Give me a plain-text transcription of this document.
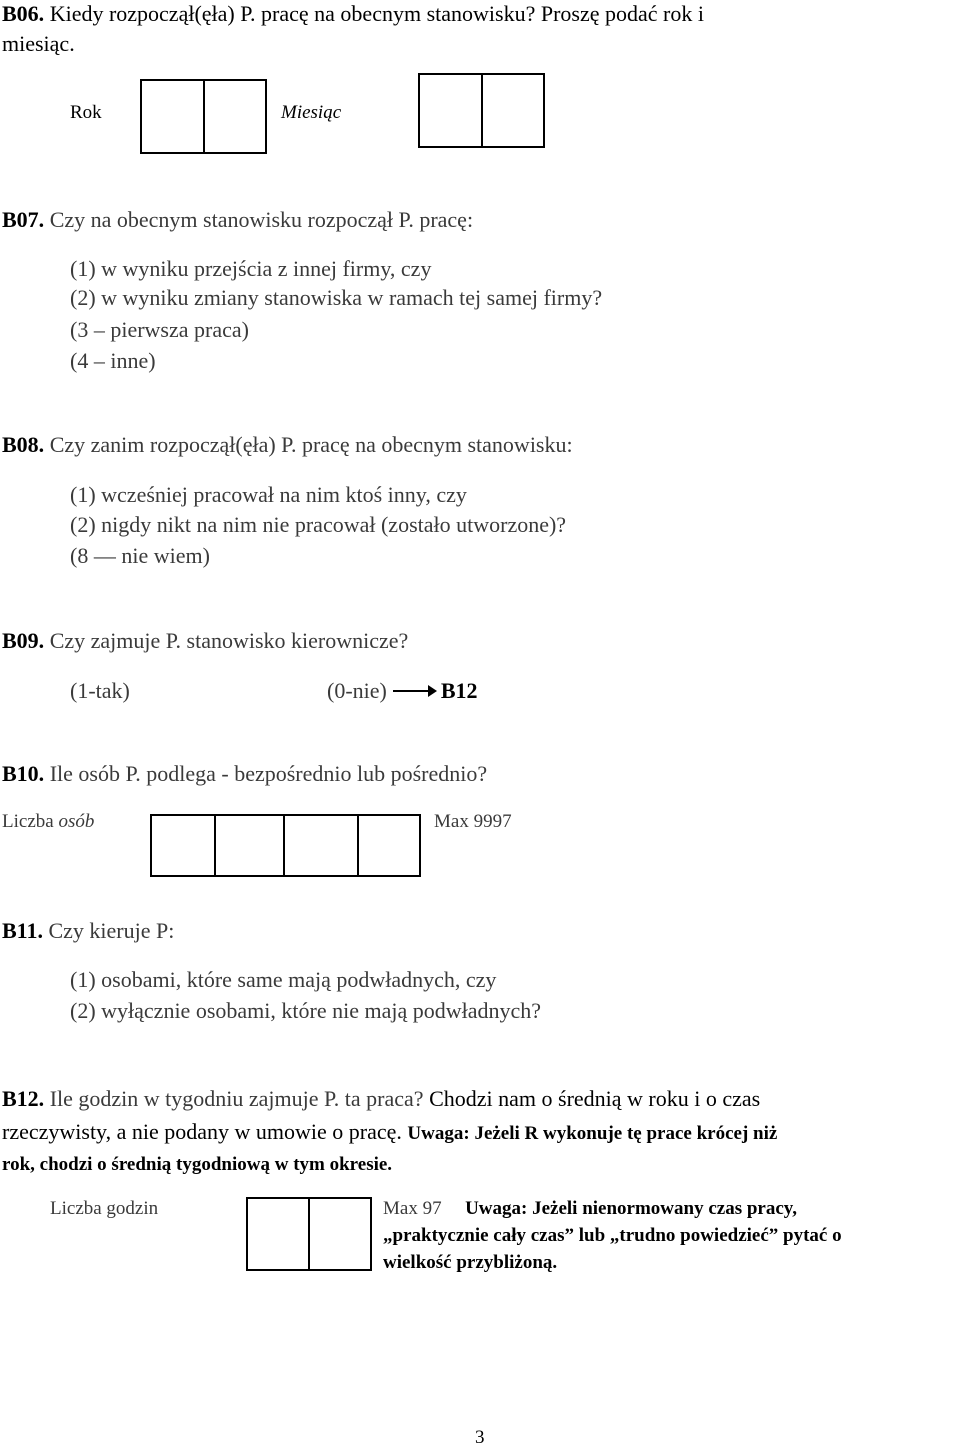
B06. Kiedy rozpoczął(ęła) P. pracę na obecnym stanowisku? Proszę podać rok i
miesiąc.
Rok	Miesiąc
B07. Czy na obecnym stanowisku rozpoczął P. pracę:
(1) w wyniku przejścia z innej firmy, czy
(2) w wyniku zmiany stanowiska w ramach tej samej firmy?
(3 – pierwsza praca)
(4 – inne)
B08. Czy zanim rozpoczął(ęła) P. pracę na obecnym stanowisku:
(1) wcześniej pracował na nim ktoś inny, czy
(2) nigdy nikt na nim nie pracował (zostało utworzone)?
(8 — nie wiem)
B09. Czy zajmuje P. stanowisko kierownicze?
(1-tak)	(0-nie) B12
B10. Ile osób P. podlega - bezpośrednio lub pośrednio?
Liczba osób	Max 9997
B11. Czy kieruje P:
(1) osobami, które same mają podwładnych, czy
(2) wyłącznie osobami, które nie mają podwładnych?
B12. Ile godzin w tygodniu zajmuje P. ta praca? Chodzi nam o średnią w roku i o czas
rzeczywisty, a nie podany w umowie o pracę. Uwaga: Jeżeli R wykonuje tę prace krócej niż
rok, chodzi o średnią tygodniową w tym okresie.
Liczba godzin	Max 97 Uwaga: Jeżeli nienormowany czas pracy,
„praktycznie cały czas” lub „trudno powiedzieć” pytać o
wielkość przybliżoną.
3
